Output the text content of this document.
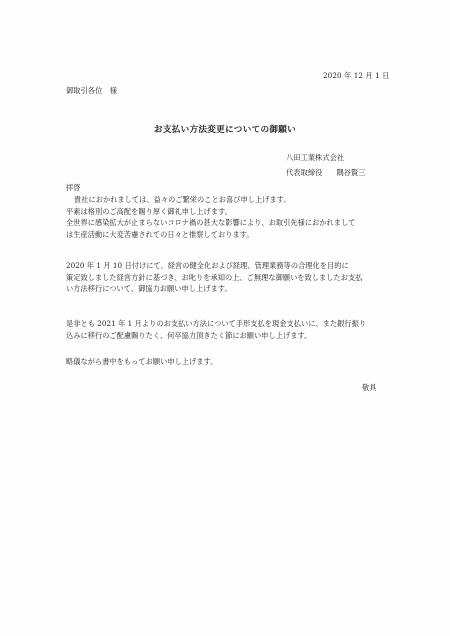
2020 年 12 月 1 日
御取引各位　様
お支払い方法変更についての御願い
八田工業株式会社
代表取締役 隅谷賢三
拝啓
貴社におかれましては、益々のご繁栄のことお喜び申し上げます。
平素は格別のご高配を賜り厚く御礼申し上げます。
全世界に感染拡大が止まらないコロナ禍の甚大な影響により、お取引先様におかれまして
は生産活動に大変苦慮されての日々と推察しております。
2020 年 1 月 10 日付けにて、経営の健全化および経理、管理業務等の合理化を目的に
策定致しました経営方針に基づき、お叱りを承知の上、ご無理な御願いを致しましたお支払
い方法移行について、御協力お願い申し上げます。
是非とも 2021 年 1 月よりのお支払い方法について手形支払を現金支払いに、また銀行振り
込みに移行のご配慮賜りたく、何卒協力頂きたく節にお願い申し上げます。
略儀ながら書中をもってお願い申し上げます。
敬具
